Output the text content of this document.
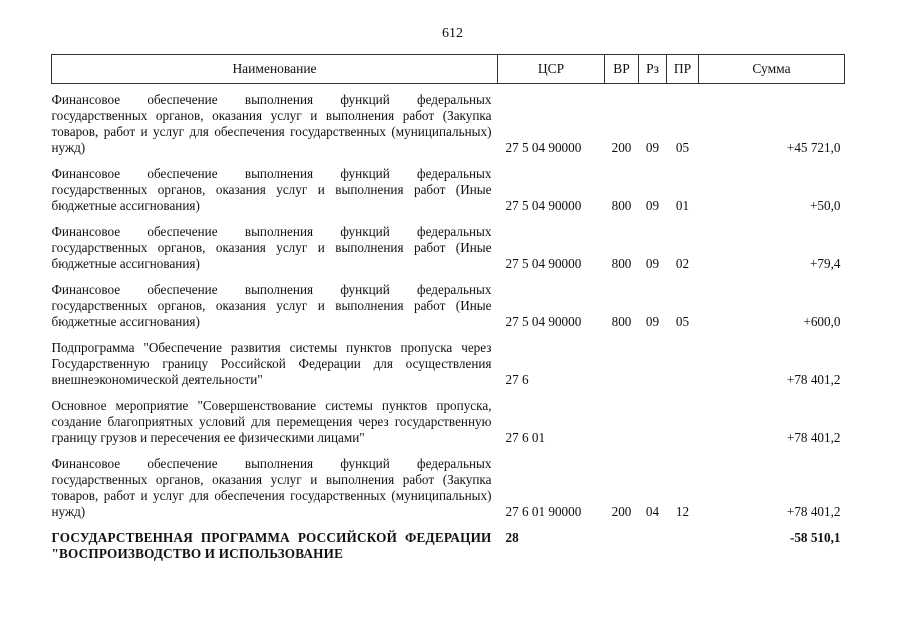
612
Наименование	ЦСР	ВР	Рз	ПР	Сумма
Финансовое обеспечение выполнения функций федеральных государственных органов, оказания услуг и выполнения работ (Закупка товаров, работ и услуг для обеспечения государственных (муниципальных) нужд)	27 5 04 90000	200	09	05	+45 721,0
Финансовое обеспечение выполнения функций федеральных государственных органов, оказания услуг и выполнения работ (Иные бюджетные ассигнования)	27 5 04 90000	800	09	01	+50,0
Финансовое обеспечение выполнения функций федеральных государственных органов, оказания услуг и выполнения работ (Иные бюджетные ассигнования)	27 5 04 90000	800	09	02	+79,4
Финансовое обеспечение выполнения функций федеральных государственных органов, оказания услуг и выполнения работ (Иные бюджетные ассигнования)	27 5 04 90000	800	09	05	+600,0
Подпрограмма "Обеспечение развития системы пунктов пропуска через Государственную границу Российской Федерации для осуществления внешнеэкономической деятельности"	27 6				+78 401,2
Основное мероприятие "Совершенствование системы пунктов пропуска, создание благоприятных условий для перемещения через государственную границу грузов и пересечения ее физическими лицами"	27 6 01				+78 401,2
Финансовое обеспечение выполнения функций федеральных государственных органов, оказания услуг и выполнения работ (Закупка товаров, работ и услуг для обеспечения государственных (муниципальных) нужд)	27 6 01 90000	200	04	12	+78 401,2
ГОСУДАРСТВЕННАЯ ПРОГРАММА РОССИЙСКОЙ ФЕДЕРАЦИИ "ВОСПРОИЗВОДСТВО И ИСПОЛЬЗОВАНИЕ	28				-58 510,1
